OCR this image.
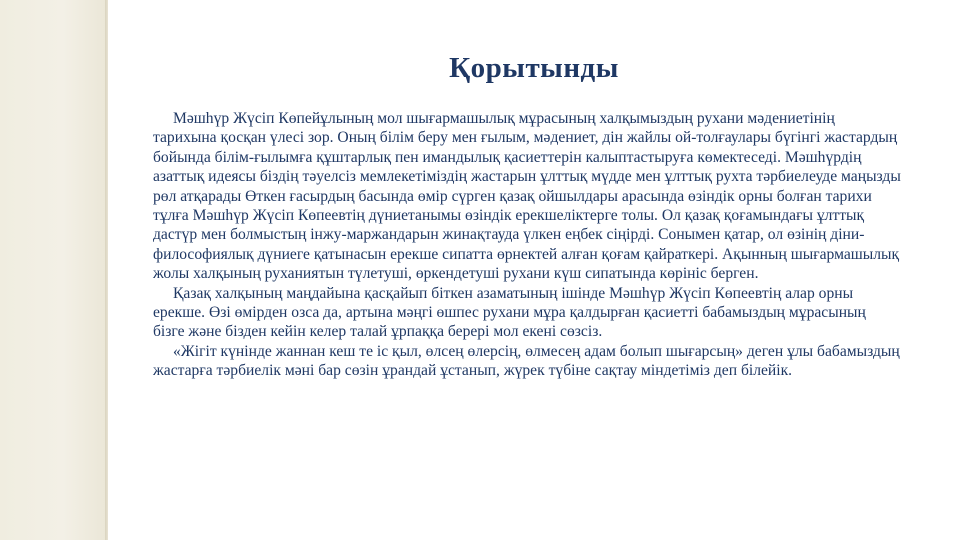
Қорытынды

Мәшһүр Жүсіп Көпейұлының мол шығармашылық мұрасының халқымыздың рухани мәдениетінің тарихына қосқан үлесі зор. Оның білім беру мен ғылым, мәдениет, дін жайлы ой-толғаулары бүгінгі жастардың бойында білім-ғылымға құштарлық пен имандылық қасиеттерін калыптастыруға көмектеседі. Мәшһүрдің азаттық идеясы біздің тәуелсіз мемлекетіміздің жастарын ұлттық мүдде мен ұлттық рухта тәрбиелеуде маңызды рөл атқарады Өткен ғасырдың басында өмір сүрген қазақ ойшылдары арасында өзіндік орны болған тарихи тұлға Мәшһүр Жүсіп Көпеевтің дүниетанымы өзіндік ерекшеліктерге толы. Ол қазақ қоғамындағы ұлттық дастүр мен болмыстың інжу-маржандарын жинақтауда үлкен еңбек сіңірді. Сонымен қатар, ол өзінің діни-философиялық дүниеге қатынасын ерекше сипатта өрнектей алған қоғам қайраткері. Ақынның шығармашылық жолы халқының руханиятын түлетуші, өркендетуші рухани күш сипатында көрініс берген.

Қазақ халқының маңдайына қасқайып біткен азаматының ішінде Мәшһүр Жүсіп Көпеевтің алар орны ерекше. Өзі өмірден озса да, артына мәңгі өшпес рухани мұра қалдырған қасиетті бабамыздың мұрасының бізге және бізден кейін келер талай ұрпаққа берері мол екені сөзсіз.

«Жігіт күнінде жаннан кеш те іс қыл, өлсең өлерсің, өлмесең адам болып шығарсың» деген ұлы бабамыздың жастарға тәрбиелік мәні бар сөзін ұрандай ұстанып, жүрек түбіне сақтау міндетіміз деп білейік.
